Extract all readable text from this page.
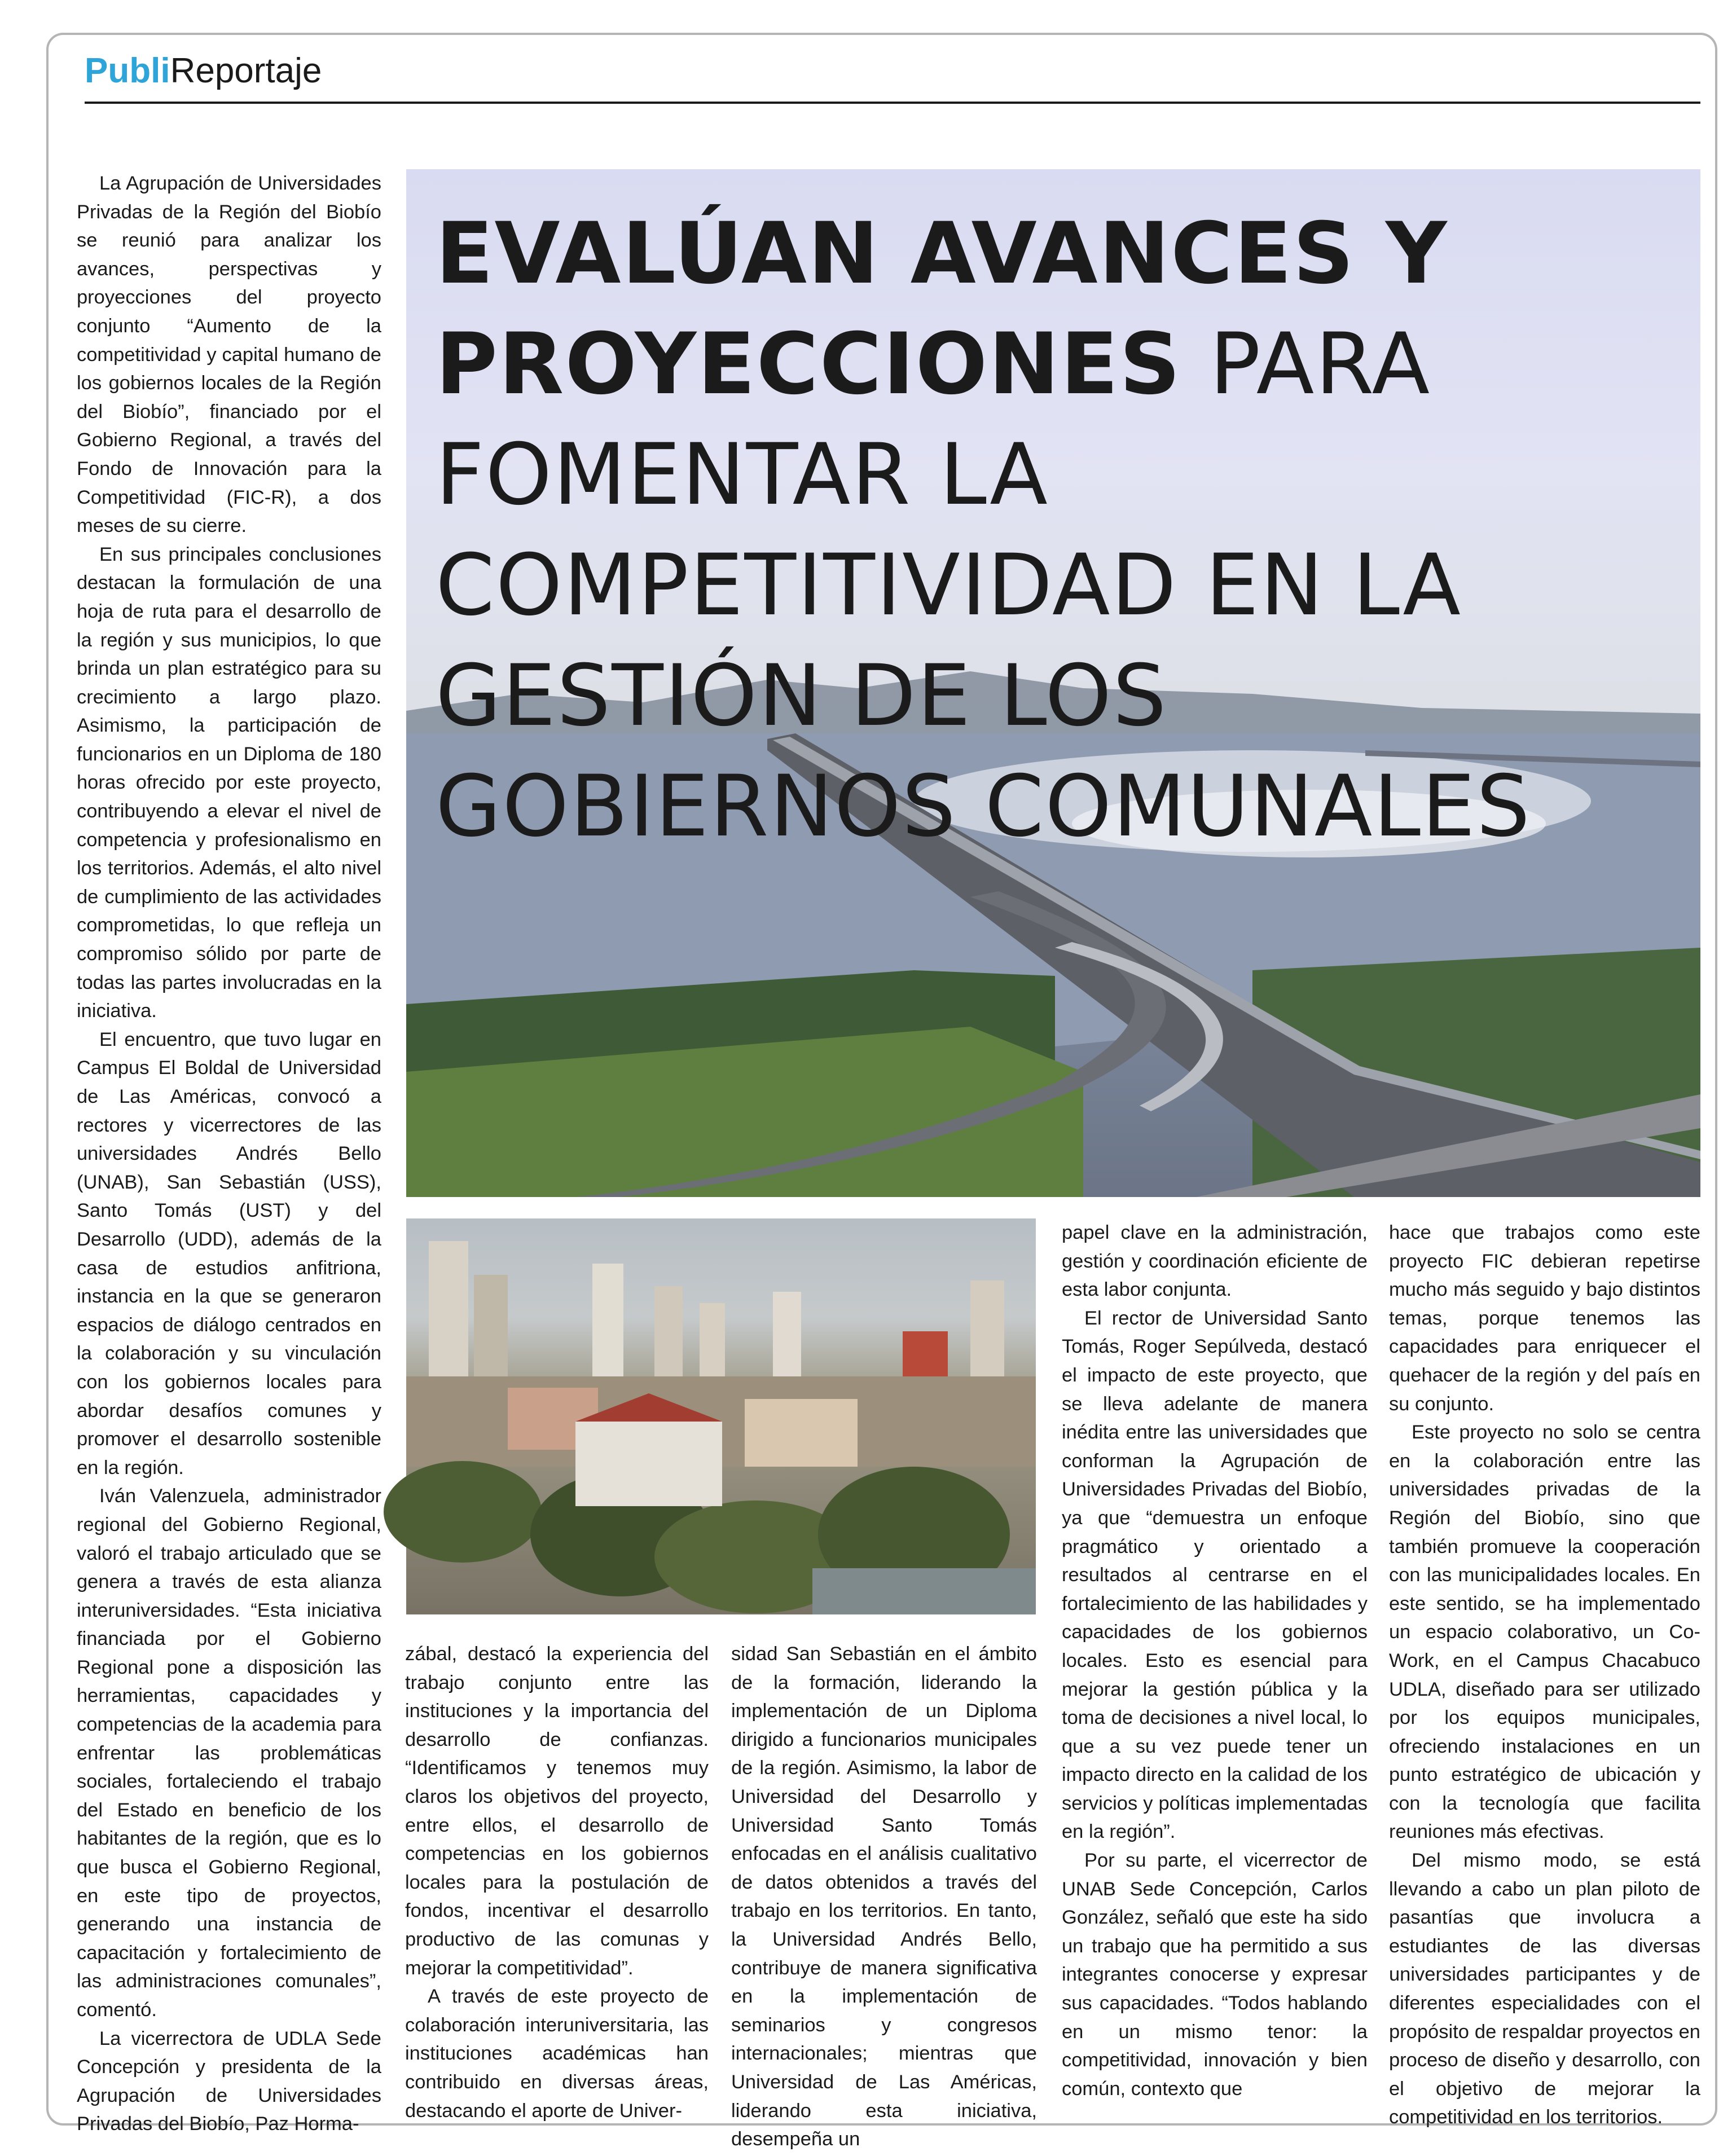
PubliReportaje
EVALÚAN AVANCES Y PROYECCIONES PARA FOMENTAR LA COMPETITIVIDAD EN LA GESTIÓN DE LOS GOBIERNOS COMUNALES

La Agrupación de Universidades Privadas de la Región del Biobío se reunió para analizar los avances, perspectivas y proyecciones del proyecto conjunto “Aumento de la competitividad y capital humano de los gobiernos locales de la Región del Biobío”, financiado por el Gobierno Regional, a través del Fondo de Innovación para la Competitividad (FIC-R), a dos meses de su cierre.

En sus principales conclusiones destacan la formulación de una hoja de ruta para el desarrollo de la región y sus municipios, lo que brinda un plan estratégico para su crecimiento a largo plazo. Asimismo, la participación de funcionarios en un Diploma de 180 horas ofrecido por este proyecto, contribuyendo a elevar el nivel de competencia y profesionalismo en los territorios. Además, el alto nivel de cumplimiento de las actividades comprometidas, lo que refleja un compromiso sólido por parte de todas las partes involucradas en la iniciativa.

El encuentro, que tuvo lugar en Campus El Boldal de Universidad de Las Américas, convocó a rectores y vicerrectores de las universidades Andrés Bello (UNAB), San Sebastián (USS), Santo Tomás (UST) y del Desarrollo (UDD), además de la casa de estudios anfitriona, instancia en la que se generaron espacios de diálogo centrados en la colaboración y su vinculación con los gobiernos locales para abordar desafíos comunes y promover el desarrollo sostenible en la región.

Iván Valenzuela, administrador regional del Gobierno Regional, valoró el trabajo articulado que se genera a través de esta alianza interuniversidades. “Esta iniciativa financiada por el Gobierno Regional pone a disposición las herramientas, capacidades y competencias de la academia para enfrentar las problemáticas sociales, fortaleciendo el trabajo del Estado en beneficio de los habitantes de la región, que es lo que busca el Gobierno Regional, en este tipo de proyectos, generando una instancia de capacitación y fortalecimiento de las administraciones comunales”, comentó.

La vicerrectora de UDLA Sede Concepción y presidenta de la Agrupación de Universidades Privadas del Biobío, Paz Horma-

zábal, destacó la experiencia del trabajo conjunto entre las instituciones y la importancia del desarrollo de confianzas. “Identificamos y tenemos muy claros los objetivos del proyecto, entre ellos, el desarrollo de competencias en los gobiernos locales para la postulación de fondos, incentivar el desarrollo productivo de las comunas y mejorar la competitividad”.

A través de este proyecto de colaboración interuniversitaria, las instituciones académicas han contribuido en diversas áreas, destacando el aporte de Univer-

sidad San Sebastián en el ámbito de la formación, liderando la implementación de un Diploma dirigido a funcionarios municipales de la región. Asimismo, la labor de Universidad del Desarrollo y Universidad Santo Tomás enfocadas en el análisis cualitativo de datos obtenidos a través del trabajo en los territorios. En tanto, la Universidad Andrés Bello, contribuye de manera significativa en la implementación de seminarios y congresos internacionales; mientras que Universidad de Las Américas, liderando esta iniciativa, desempeña un

papel clave en la administración, gestión y coordinación eficiente de esta labor conjunta.

El rector de Universidad Santo Tomás, Roger Sepúlveda, destacó el impacto de este proyecto, que se lleva adelante de manera inédita entre las universidades que conforman la Agrupación de Universidades Privadas del Biobío, ya que “demuestra un enfoque pragmático y orientado a resultados al centrarse en el fortalecimiento de las habilidades y capacidades de los gobiernos locales. Esto es esencial para mejorar la gestión pública y la toma de decisiones a nivel local, lo que a su vez puede tener un impacto directo en la calidad de los servicios y políticas implementadas en la región”.

Por su parte, el vicerrector de UNAB Sede Concepción, Carlos González, señaló que este ha sido un trabajo que ha permitido a sus integrantes conocerse y expresar sus capacidades. “Todos hablando en un mismo tenor: la competitividad, innovación y bien común, contexto que

hace que trabajos como este proyecto FIC debieran repetirse mucho más seguido y bajo distintos temas, porque tenemos las capacidades para enriquecer el quehacer de la región y del país en su conjunto.

Este proyecto no solo se centra en la colaboración entre las universidades privadas de la Región del Biobío, sino que también promueve la cooperación con las municipalidades locales. En este sentido, se ha implementado un espacio colaborativo, un Co-Work, en el Campus Chacabuco UDLA, diseñado para ser utilizado por los equipos municipales, ofreciendo instalaciones en un punto estratégico de ubicación y con la tecnología que facilita reuniones más efectivas.

Del mismo modo, se está llevando a cabo un plan piloto de pasantías que involucra a estudiantes de las diversas universidades participantes y de diferentes especialidades con el propósito de respaldar proyectos en proceso de diseño y desarrollo, con el objetivo de mejorar la competitividad en los territorios.
